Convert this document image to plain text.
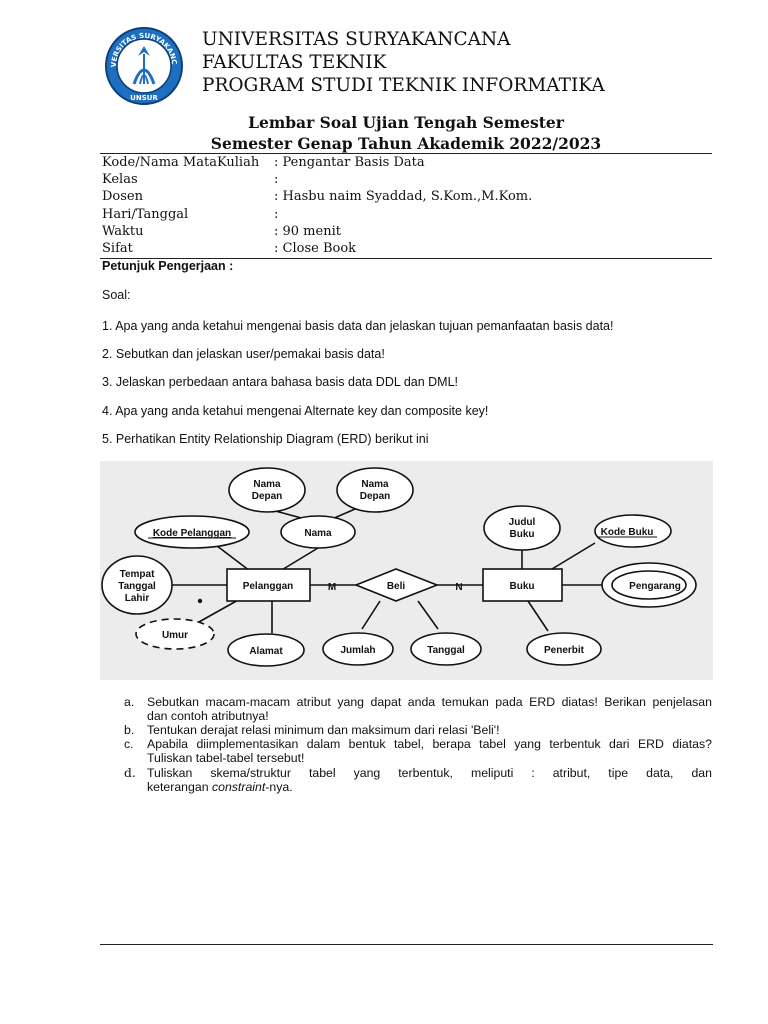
VERSITAS SURYAKANC
UNSUR
UNIVERSITAS SURYAKANCANA
FAKULTAS TEKNIK
PROGRAM STUDI TEKNIK INFORMATIKA
Lembar Soal Ujian Tengah Semester
Semester Genap Tahun Akademik 2022/2023
Kode/Nama MataKuliah	: Pengantar Basis Data
Kelas	:
Dosen	: Hasbu naim Syaddad, S.Kom.,M.Kom.
Hari/Tanggal	:
Waktu	: 90 menit
Sifat	: Close Book
Petunjuk Pengerjaan :
Soal:
1. Apa yang anda ketahui mengenai basis data dan jelaskan tujuan pemanfaatan basis data!
2. Sebutkan dan jelaskan user/pemakai basis data!
3. Jelaskan perbedaan antara bahasa basis data DDL dan DML!
4. Apa yang anda ketahui mengenai Alternate key dan composite key!
5. Perhatikan Entity Relationship Diagram (ERD) berikut ini
Nama
Depan
Nama
Depan
Kode Pelanggan	Nama
Tempat
Tanggal
Lahir
Pelanggan
Umur
Alamat
Beli
M	N
Jumlah	Tanggal
Judul
Buku	Kode Buku
Buku	Pengarang
Penerbit
a.	Sebutkan macam-macam atribut yang dapat anda temukan pada ERD diatas! Berikan penjelasan
dan contoh atributnya!
b.	Tentukan derajat relasi minimum dan maksimum dari relasi 'Beli'!
c.	Apabila diimplementasikan dalam bentuk tabel, berapa tabel yang terbentuk dari ERD diatas?
Tuliskan tabel-tabel tersebut!
d. Tuliskan skema/struktur tabel yang terbentuk, meliputi : atribut, tipe data, dan
keterangan constraint-nya.
